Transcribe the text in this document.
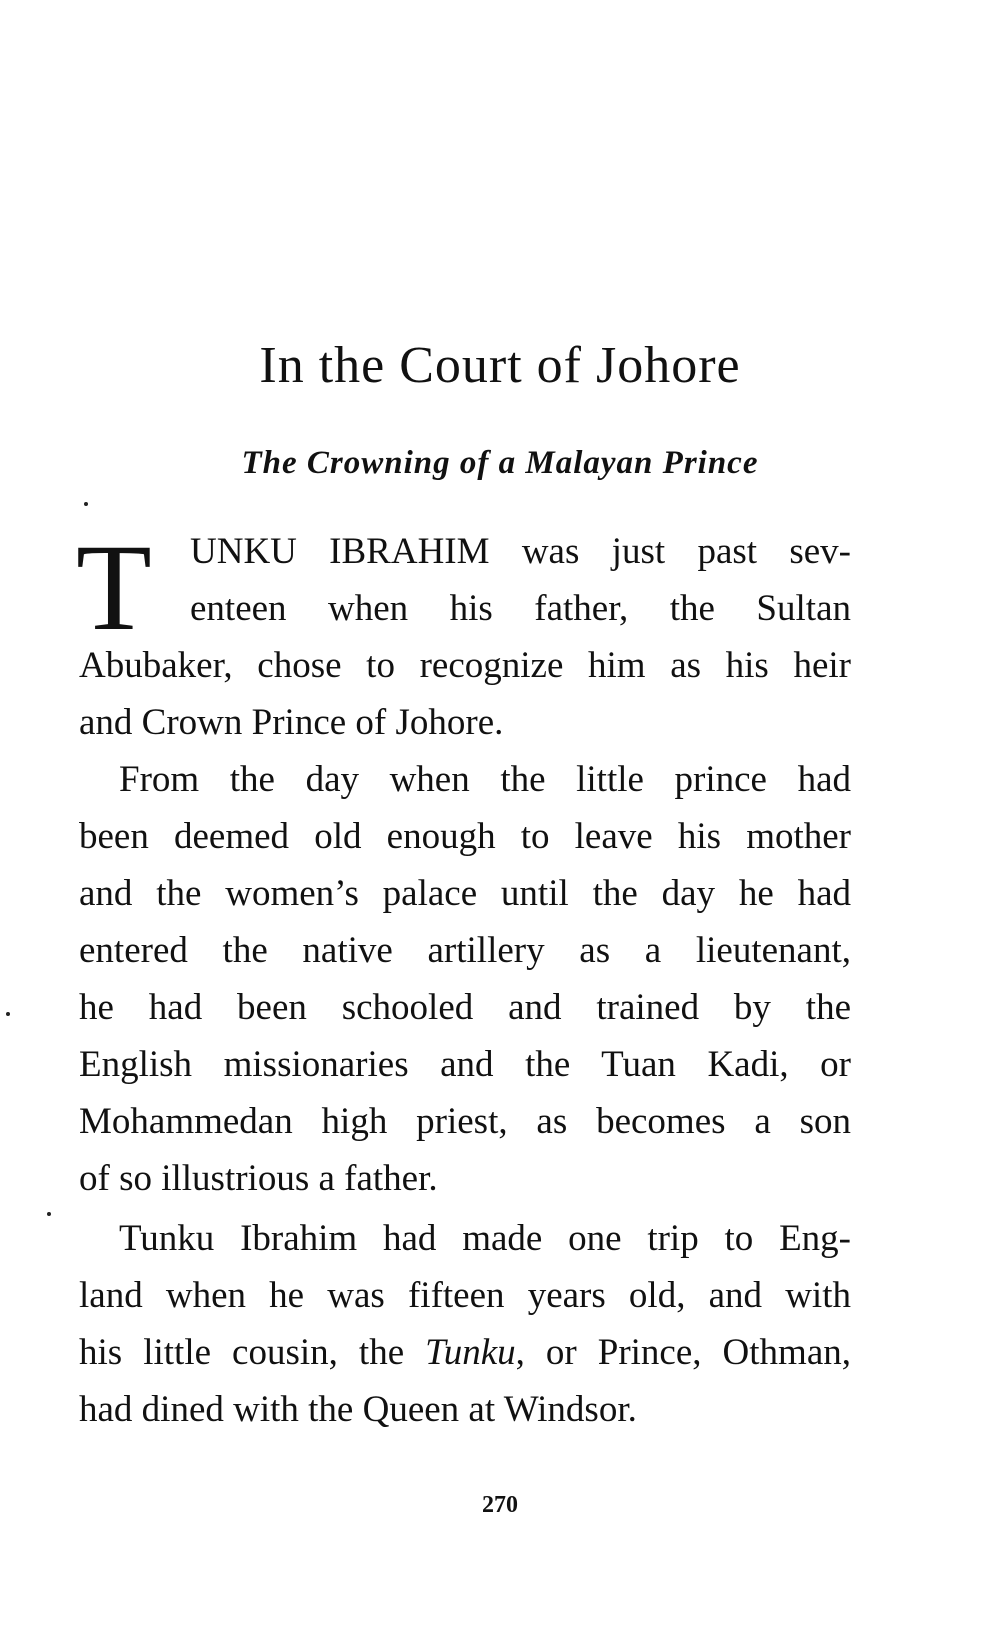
In the Court of Johore
The Crowning of a Malayan Prince
T UNKU IBRAHIM was just past sev-
enteen when his father, the Sultan
Abubaker, chose to recognize him as his heir
and Crown Prince of Johore.
From the day when the little prince had
been deemed old enough to leave his mother
and the women’s palace until the day he had
entered the native artillery as a lieutenant,
he had been schooled and trained by the
English missionaries and the Tuan Kadi, or
Mohammedan high priest, as becomes a son
of so illustrious a father.
Tunku Ibrahim had made one trip to Eng-
land when he was fifteen years old, and with
his little cousin, the Tunku, or Prince, Othman,
had dined with the Queen at Windsor.
270
